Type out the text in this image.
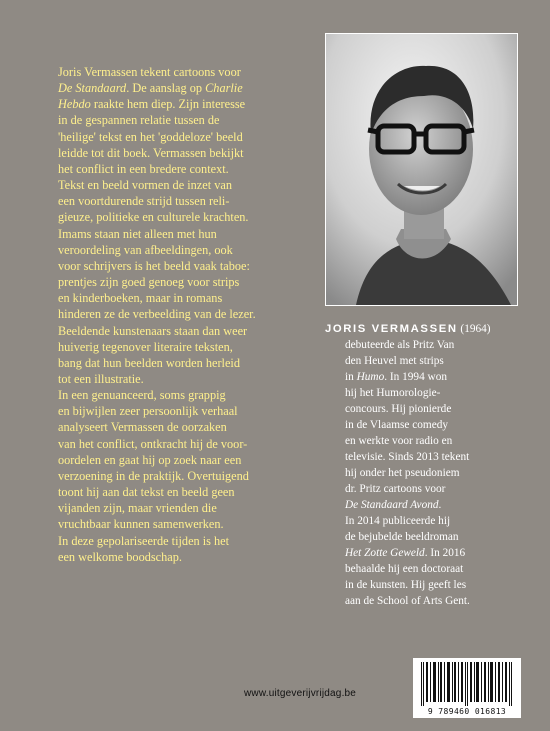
Joris Vermassen tekent cartoons voor
De Standaard. De aanslag op Charlie
Hebdo raakte hem diep. Zijn interesse
in de gespannen relatie tussen de
'heilige' tekst en het 'goddeloze' beeld
leidde tot dit boek. Vermassen bekijkt
het conflict in een bredere context.
Tekst en beeld vormen de inzet van
een voortdurende strijd tussen reli-
gieuze, politieke en culturele krachten.
Imams staan niet alleen met hun
veroordeling van afbeeldingen, ook
voor schrijvers is het beeld vaak taboe:
prentjes zijn goed genoeg voor strips
en kinderboeken, maar in romans
hinderen ze de verbeelding van de lezer.
Beeldende kunstenaars staan dan weer
huiverig tegenover literaire teksten,
bang dat hun beelden worden herleid
tot een illustratie.
In een genuanceerd, soms grappig
en bijwijlen zeer persoonlijk verhaal
analyseert Vermassen de oorzaken
van het conflict, ontkracht hij de voor-
oordelen en gaat hij op zoek naar een
verzoening in de praktijk. Overtuigend
toont hij aan dat tekst en beeld geen
vijanden zijn, maar vrienden die
vruchtbaar kunnen samenwerken.
In deze gepolariseerde tijden is het
een welkome boodschap.
JORIS VERMASSEN (1964)
debuteerde als Pritz Van
den Heuvel met strips
in Humo. In 1994 won
hij het Humorologie-
concours. Hij pionierde
in de Vlaamse comedy
en werkte voor radio en
televisie. Sinds 2013 tekent
hij onder het pseudoniem
dr. Pritz cartoons voor
De Standaard Avond.
In 2014 publiceerde hij
de bejubelde beeldroman
Het Zotte Geweld. In 2016
behaalde hij een doctoraat
in de kunsten. Hij geeft les
aan de School of Arts Gent.
www.uitgeverijvrijdag.be
9 789460 016813
